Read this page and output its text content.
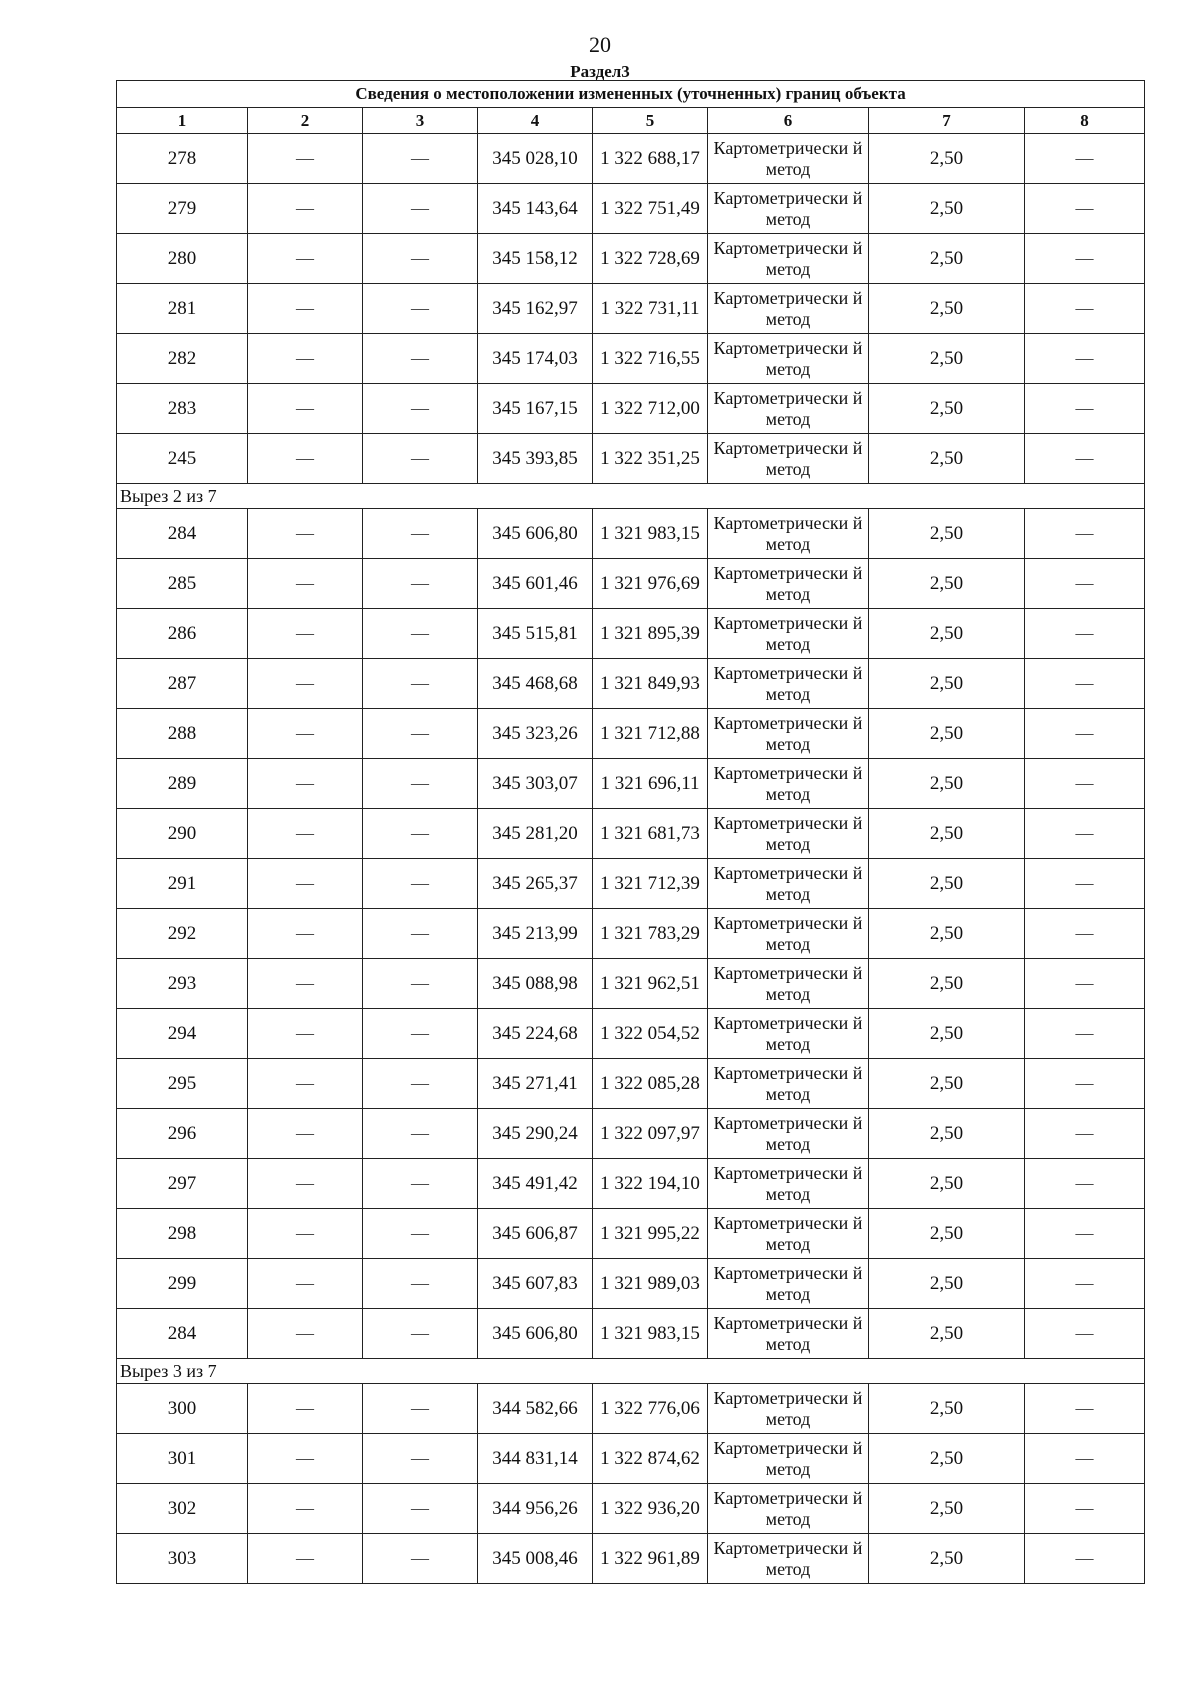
20
Раздел3
Сведения о местоположении измененных (уточненных) границ объекта							
1	2	3	4	5	6	7	8
278	—	—	345 028,10	1 322 688,17	Картометрически й метод	2,50	—
279	—	—	345 143,64	1 322 751,49	Картометрически й метод	2,50	—
280	—	—	345 158,12	1 322 728,69	Картометрически й метод	2,50	—
281	—	—	345 162,97	1 322 731,11	Картометрически й метод	2,50	—
282	—	—	345 174,03	1 322 716,55	Картометрически й метод	2,50	—
283	—	—	345 167,15	1 322 712,00	Картометрически й метод	2,50	—
245	—	—	345 393,85	1 322 351,25	Картометрически й метод	2,50	—
Вырез 2 из 7							
284	—	—	345 606,80	1 321 983,15	Картометрически й метод	2,50	—
285	—	—	345 601,46	1 321 976,69	Картометрически й метод	2,50	—
286	—	—	345 515,81	1 321 895,39	Картометрически й метод	2,50	—
287	—	—	345 468,68	1 321 849,93	Картометрически й метод	2,50	—
288	—	—	345 323,26	1 321 712,88	Картометрически й метод	2,50	—
289	—	—	345 303,07	1 321 696,11	Картометрически й метод	2,50	—
290	—	—	345 281,20	1 321 681,73	Картометрически й метод	2,50	—
291	—	—	345 265,37	1 321 712,39	Картометрически й метод	2,50	—
292	—	—	345 213,99	1 321 783,29	Картометрически й метод	2,50	—
293	—	—	345 088,98	1 321 962,51	Картометрически й метод	2,50	—
294	—	—	345 224,68	1 322 054,52	Картометрически й метод	2,50	—
295	—	—	345 271,41	1 322 085,28	Картометрически й метод	2,50	—
296	—	—	345 290,24	1 322 097,97	Картометрически й метод	2,50	—
297	—	—	345 491,42	1 322 194,10	Картометрически й метод	2,50	—
298	—	—	345 606,87	1 321 995,22	Картометрически й метод	2,50	—
299	—	—	345 607,83	1 321 989,03	Картометрически й метод	2,50	—
284	—	—	345 606,80	1 321 983,15	Картометрически й метод	2,50	—
Вырез 3 из 7							
300	—	—	344 582,66	1 322 776,06	Картометрически й метод	2,50	—
301	—	—	344 831,14	1 322 874,62	Картометрически й метод	2,50	—
302	—	—	344 956,26	1 322 936,20	Картометрически й метод	2,50	—
303	—	—	345 008,46	1 322 961,89	Картометрически й метод	2,50	—
